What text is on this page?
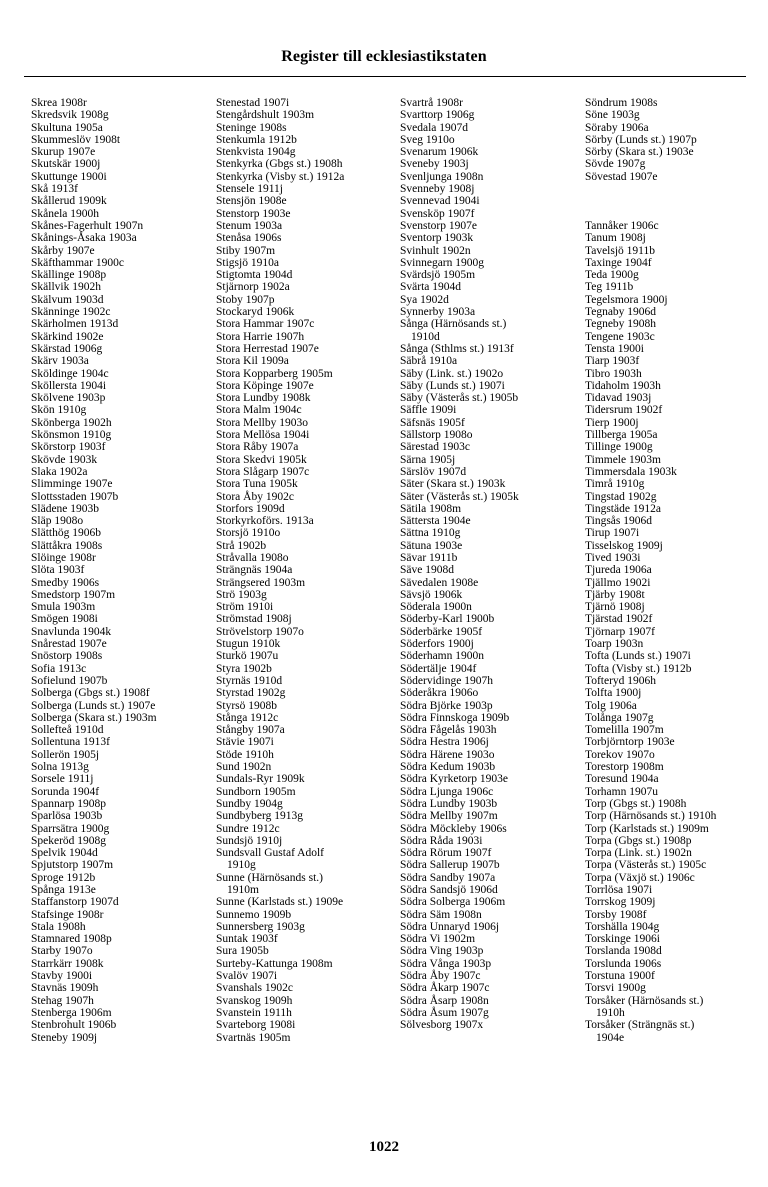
Register till ecklesiastikstaten
Skrea 1908r
Skredsvik 1908g
Skultuna 1905a
Skummeslöv 1908t
Skurup 1907e
Skutskär 1900j
Skuttunge 1900i
Skå 1913f
Skållerud 1909k
Skånela 1900h
Skånes-Fagerhult 1907n
Skånings-Åsaka 1903a
Skårby 1907e
Skäfthammar 1900c
Skällinge 1908p
Skällvik 1902h
Skälvum 1903d
Skänninge 1902c
Skärholmen 1913d
Skärkind 1902e
Skärstad 1906g
Skärv 1903a
Sköldinge 1904c
Sköllersta 1904i
Skölvene 1903p
Skön 1910g
Skönberga 1902h
Skönsmon 1910g
Skörstorp 1903f
Skövde 1903k
Slaka 1902a
Slimminge 1907e
Slottsstaden 1907b
Slädene 1903b
Släp 1908o
Slätthög 1906b
Slättåkra 1908s
Slöinge 1908r
Slöta 1903f
Smedby 1906s
Smedstorp 1907m
Smula 1903m
Smögen 1908i
Snavlunda 1904k
Snårestad 1907e
Snöstorp 1908s
Sofia 1913c
Sofielund 1907b
Solberga (Gbgs st.) 1908f
Solberga (Lunds st.) 1907e
Solberga (Skara st.) 1903m
Sollefteå 1910d
Sollentuna 1913f
Sollerön 1905j
Solna 1913g
Sorsele 1911j
Sorunda 1904f
Spannarp 1908p
Sparlösa 1903b
Sparrsätra 1900g
Spekeröd 1908g
Spelvik 1904d
Spjutstorp 1907m
Sproge 1912b
Spånga 1913e
Staffanstorp 1907d
Stafsinge 1908r
Stala 1908h
Stamnared 1908p
Starby 1907o
Starrkärr 1908k
Stavby 1900i
Stavnäs 1909h
Stehag 1907h
Stenberga 1906m
Stenbrohult 1906b
Steneby 1909j
Stenestad 1907i
Stengårdshult 1903m
Steninge 1908s
Stenkumla 1912b
Stenkvista 1904g
Stenkyrka (Gbgs st.) 1908h
Stenkyrka (Visby st.) 1912a
Stensele 1911j
Stensjön 1908e
Stenstorp 1903e
Stenum 1903a
Stenåsa 1906s
Stiby 1907m
Stigsjö 1910a
Stigtomta 1904d
Stjärnorp 1902a
Stoby 1907p
Stockaryd 1906k
Stora Hammar 1907c
Stora Harrie 1907h
Stora Herrestad 1907e
Stora Kil 1909a
Stora Kopparberg 1905m
Stora Köpinge 1907e
Stora Lundby 1908k
Stora Malm 1904c
Stora Mellby 1903o
Stora Mellösa 1904i
Stora Råby 1907a
Stora Skedvi 1905k
Stora Slågarp 1907c
Stora Tuna 1905k
Stora Åby 1902c
Storfors 1909d
Storkyrkoförs. 1913a
Storsjö 1910o
Strå 1902b
Stråvalla 1908o
Strängnäs 1904a
Strängsered 1903m
Strö 1903g
Ström 1910i
Strömstad 1908j
Strövelstorp 1907o
Stugun 1910k
Sturkö 1907u
Styra 1902b
Styrnäs 1910d
Styrstad 1902g
Styrsö 1908b
Stånga 1912c
Stångby 1907a
Stävie 1907i
Stöde 1910h
Sund 1902n
Sundals-Ryr 1909k
Sundborn 1905m
Sundby 1904g
Sundbyberg 1913g
Sundre 1912c
Sundsjö 1910j
Sundsvall Gustaf Adolf
1910g
Sunne (Härnösands st.)
1910m
Sunne (Karlstads st.) 1909e
Sunnemo 1909b
Sunnersberg 1903g
Suntak 1903f
Sura 1905b
Surteby-Kattunga 1908m
Svalöv 1907i
Svanshals 1902c
Svanskog 1909h
Svanstein 1911h
Svarteborg 1908i
Svartnäs 1905m
Svartrå 1908r
Svarttorp 1906g
Svedala 1907d
Sveg 1910o
Svenarum 1906k
Sveneby 1903j
Svenljunga 1908n
Svenneby 1908j
Svennevad 1904i
Svensköp 1907f
Svenstorp 1907e
Sventorp 1903k
Svinhult 1902n
Svinnegarn 1900g
Svärdsjö 1905m
Svärta 1904d
Sya 1902d
Synnerby 1903a
Sånga (Härnösands st.)
1910d
Sånga (Sthlms st.) 1913f
Säbrå 1910a
Säby (Link. st.) 1902o
Säby (Lunds st.) 1907i
Säby (Västerås st.) 1905b
Säffle 1909i
Säfsnäs 1905f
Sällstorp 1908o
Särestad 1903c
Särna 1905j
Särslöv 1907d
Säter (Skara st.) 1903k
Säter (Västerås st.) 1905k
Sätila 1908m
Sätterstа 1904e
Sättna 1910g
Sätuna 1903e
Sävar 1911b
Säve 1908d
Sävedalen 1908e
Sävsjö 1906k
Söderala 1900n
Söderby-Karl 1900b
Söderbärke 1905f
Söderfors 1900j
Söderhamn 1900n
Södertälje 1904f
Södervidinge 1907h
Söderåkra 1906o
Södra Björke 1903p
Södra Finnskoga 1909b
Södra Fågelås 1903h
Södra Hestra 1906j
Södra Härene 1903o
Södra Kedum 1903b
Södra Kyrketorp 1903e
Södra Ljunga 1906c
Södra Lundby 1903b
Södra Mellby 1907m
Södra Möckleby 1906s
Södra Råda 1903i
Södra Rörum 1907f
Södra Sallerup 1907b
Södra Sandby 1907a
Södra Sandsjö 1906d
Södra Solberga 1906m
Södra Säm 1908n
Södra Unnaryd 1906j
Södra Vi 1902m
Södra Ving 1903p
Södra Vånga 1903p
Södra Åby 1907c
Södra Åkarp 1907c
Södra Åsarp 1908n
Södra Åsum 1907g
Sölvesborg 1907x
Söndrum 1908s
Söne 1903g
Söraby 1906a
Sörby (Lunds st.) 1907p
Sörby (Skara st.) 1903e
Sövde 1907g
Sövestad 1907e
Tannåker 1906c
Tanum 1908j
Tavelsjö 1911b
Taxinge 1904f
Teda 1900g
Teg 1911b
Tegelsmora 1900j
Tegnaby 1906d
Tegneby 1908h
Tengene 1903c
Tensta 1900i
Tiarp 1903f
Tibro 1903h
Tidaholm 1903h
Tidavad 1903j
Tidersrum 1902f
Tierp 1900j
Tillberga 1905a
Tillinge 1900g
Timmele 1903m
Timmersdala 1903k
Timrå 1910g
Tingstad 1902g
Tingstäde 1912a
Tingsås 1906d
Tirup 1907i
Tisselskog 1909j
Tived 1903i
Tjureda 1906a
Tjällmo 1902i
Tjärby 1908t
Tjärnö 1908j
Tjärstad 1902f
Tjörnarp 1907f
Toarp 1903n
Tofta (Lunds st.) 1907i
Tofta (Visby st.) 1912b
Tofteryd 1906h
Tolfta 1900j
Tolg 1906a
Tolånga 1907g
Tomelilla 1907m
Torbjörntorp 1903e
Torekov 1907o
Torestorp 1908m
Toresund 1904a
Torhamn 1907u
Torp (Gbgs st.) 1908h
Torp (Härnösands st.) 1910h
Torp (Karlstads st.) 1909m
Torpa (Gbgs st.) 1908p
Torpa (Link. st.) 1902n
Torpa (Västerås st.) 1905c
Torpa (Växjö st.) 1906c
Torrlösa 1907i
Torrskog 1909j
Torsby 1908f
Torshälla 1904g
Torskinge 1906i
Torslanda 1908d
Torslunda 1906s
Torstuna 1900f
Torsvi 1900g
Torsåker (Härnösands st.)
1910h
Torsåker (Strängnäs st.)
1904e
1022
